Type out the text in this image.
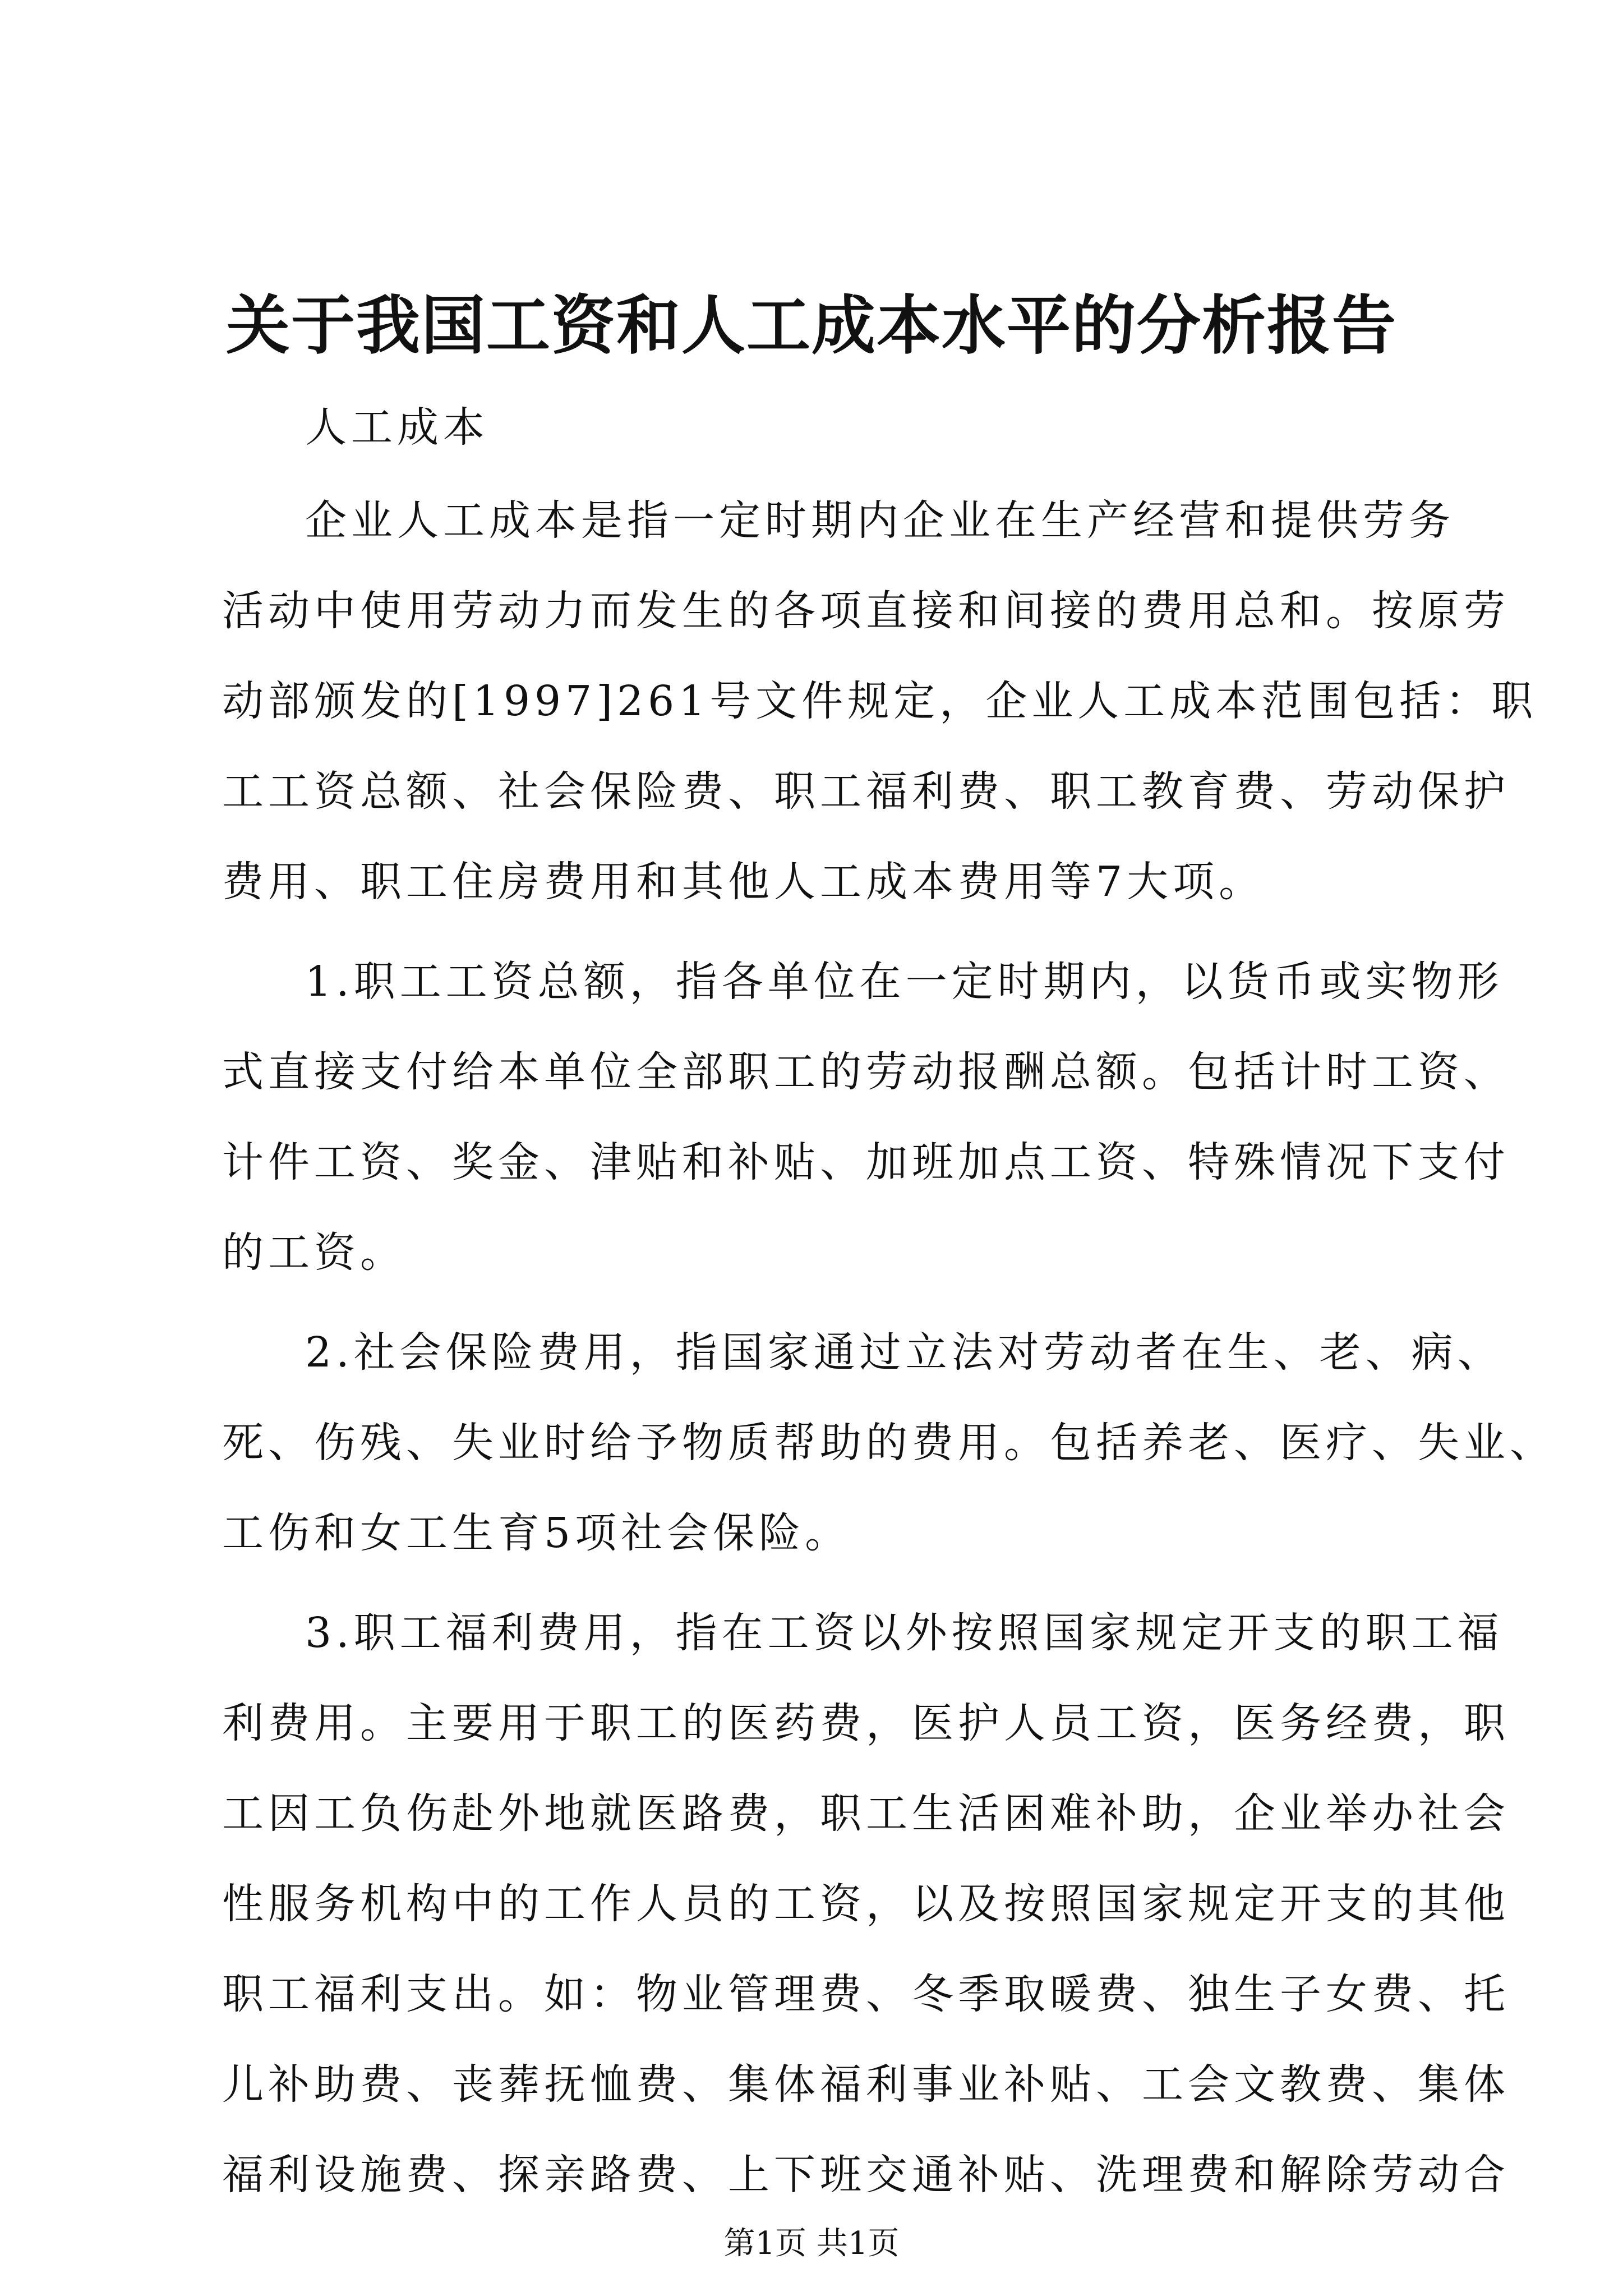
关于我国工资和人工成本水平的分析报告
人工成本
企业人工成本是指一定时期内企业在生产经营和提供劳务
活动中使用劳动力而发生的各项直接和间接的费用总和。按原劳
动部颁发的[1997]261号文件规定，企业人工成本范围包括：职
工工资总额、社会保险费、职工福利费、职工教育费、劳动保护
费用、职工住房费用和其他人工成本费用等7大项。
1.职工工资总额，指各单位在一定时期内，以货币或实物形
式直接支付给本单位全部职工的劳动报酬总额。包括计时工资、
计件工资、奖金、津贴和补贴、加班加点工资、特殊情况下支付
的工资。
2.社会保险费用，指国家通过立法对劳动者在生、老、病、
死、伤残、失业时给予物质帮助的费用。包括养老、医疗、失业、
工伤和女工生育5项社会保险。
3.职工福利费用，指在工资以外按照国家规定开支的职工福
利费用。主要用于职工的医药费，医护人员工资，医务经费，职
工因工负伤赴外地就医路费，职工生活困难补助，企业举办社会
性服务机构中的工作人员的工资，以及按照国家规定开支的其他
职工福利支出。如：物业管理费、冬季取暖费、独生子女费、托
儿补助费、丧葬抚恤费、集体福利事业补贴、工会文教费、集体
福利设施费、探亲路费、上下班交通补贴、洗理费和解除劳动合
第1页 共1页
